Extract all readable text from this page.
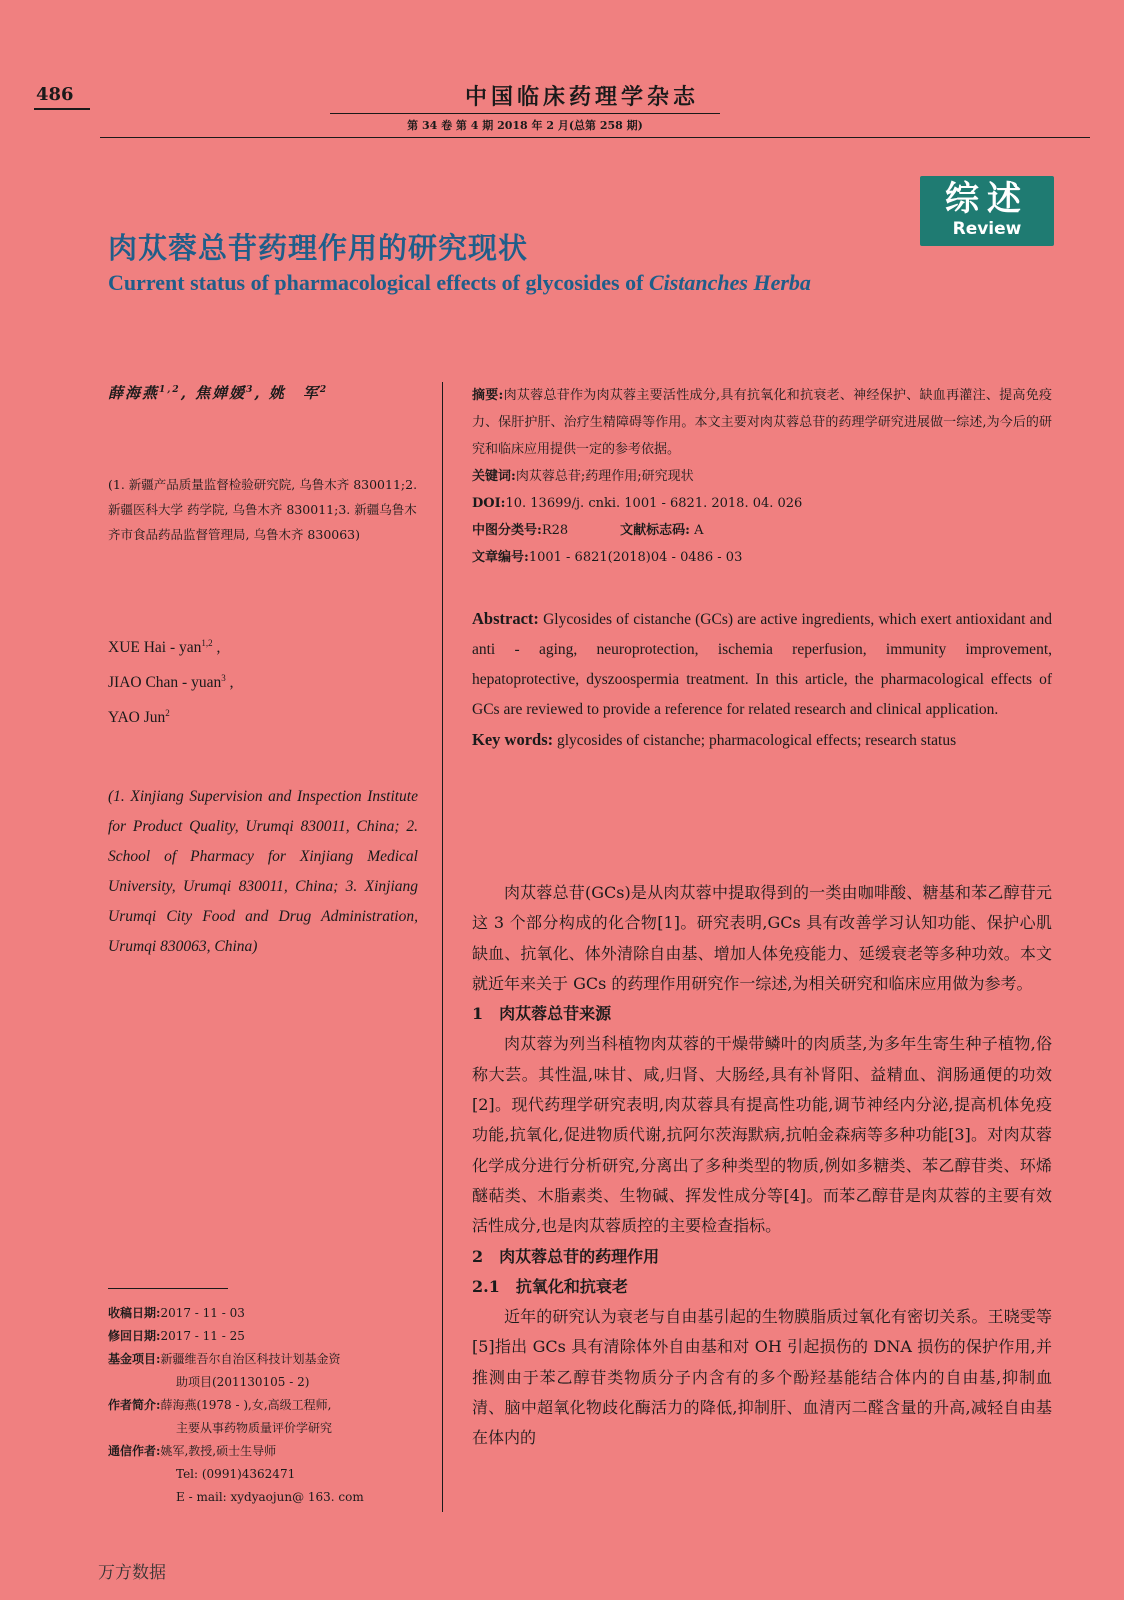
486	中国临床药理学杂志
第 34 卷 第 4 期 2018 年 2 月(总第 258 期)
综述
Review
肉苁蓉总苷药理作用的研究现状
Current status of pharmacological effects of glycosides of Cistanches Herba
薛海燕$^{1,2}$, 焦婵媛$^3$, 姚　军$^2$
(1. 新疆产品质量监督检验研究院, 乌鲁木齐 830011;2. 新疆医科大学 药学院, 乌鲁木齐 830011;3. 新疆乌鲁木齐市食品药品监督管理局, 乌鲁木齐 830063)
XUE Hai - yan$^{1,2}$ ,
JIAO Chan - yuan$^3$ ,
YAO Jun$^2$
(1. Xinjiang Supervision and Inspection Institute for Product Quality, Urumqi 830011, China; 2. School of Pharmacy for Xinjiang Medical University, Urumqi 830011, China; 3. Xinjiang Urumqi City Food and Drug Administration, Urumqi 830063, China)
摘要:肉苁蓉总苷作为肉苁蓉主要活性成分,具有抗氧化和抗衰老、神经保护、缺血再灌注、提高免疫力、保肝护肝、治疗生精障碍等作用。本文主要对肉苁蓉总苷的药理学研究进展做一综述,为今后的研究和临床应用提供一定的参考依据。
关键词:肉苁蓉总苷;药理作用;研究现状
DOI:10. 13699/j. cnki. 1001 - 6821. 2018. 04. 026
中图分类号:R28	文献标志码: A
文章编号:1001 - 6821(2018)04 - 0486 - 03
Abstract: Glycosides of cistanche (GCs) are active ingredients, which exert antioxidant and anti - aging, neuroprotection, ischemia reperfusion, immunity improvement, hepatoprotective, dyszoospermia treatment. In this article, the pharmacological effects of GCs are reviewed to provide a reference for related research and clinical application.
Key words: glycosides of cistanche; pharmacological effects; research status

肉苁蓉总苷(GCs)是从肉苁蓉中提取得到的一类由咖啡酸、糖基和苯乙醇苷元这 3 个部分构成的化合物[1]。研究表明,GCs 具有改善学习认知功能、保护心肌缺血、抗氧化、体外清除自由基、增加人体免疫能力、延缓衰老等多种功效。本文就近年来关于 GCs 的药理作用研究作一综述,为相关研究和临床应用做为参考。

1　肉苁蓉总苷来源

肉苁蓉为列当科植物肉苁蓉的干燥带鳞叶的肉质茎,为多年生寄生种子植物,俗称大芸。其性温,味甘、咸,归肾、大肠经,具有补肾阳、益精血、润肠通便的功效[2]。现代药理学研究表明,肉苁蓉具有提高性功能,调节神经内分泌,提高机体免疫功能,抗氧化,促进物质代谢,抗阿尔茨海默病,抗帕金森病等多种功能[3]。对肉苁蓉化学成分进行分析研究,分离出了多种类型的物质,例如多糖类、苯乙醇苷类、环烯醚萜类、木脂素类、生物碱、挥发性成分等[4]。而苯乙醇苷是肉苁蓉的主要有效活性成分,也是肉苁蓉质控的主要检查指标。

2　肉苁蓉总苷的药理作用

2.1　抗氧化和抗衰老

近年的研究认为衰老与自由基引起的生物膜脂质过氧化有密切关系。王晓雯等[5]指出 GCs 具有清除体外自由基和对 OH 引起损伤的 DNA 损伤的保护作用,并推测由于苯乙醇苷类物质分子内含有的多个酚羟基能结合体内的自由基,抑制血清、脑中超氧化物歧化酶活力的降低,抑制肝、血清丙二醛含量的升高,减轻自由基在体内的

收稿日期:2017 - 11 - 03
修回日期:2017 - 11 - 25
基金项目:新疆维吾尔自治区科技计划基金资
助项目(201130105 - 2)
作者简介:薛海燕(1978 - ),女,高级工程师,
主要从事药物质量评价学研究
通信作者:姚军,教授,硕士生导师
Tel: (0991)4362471
E - mail: xydyaojun@ 163. com
万方数据
